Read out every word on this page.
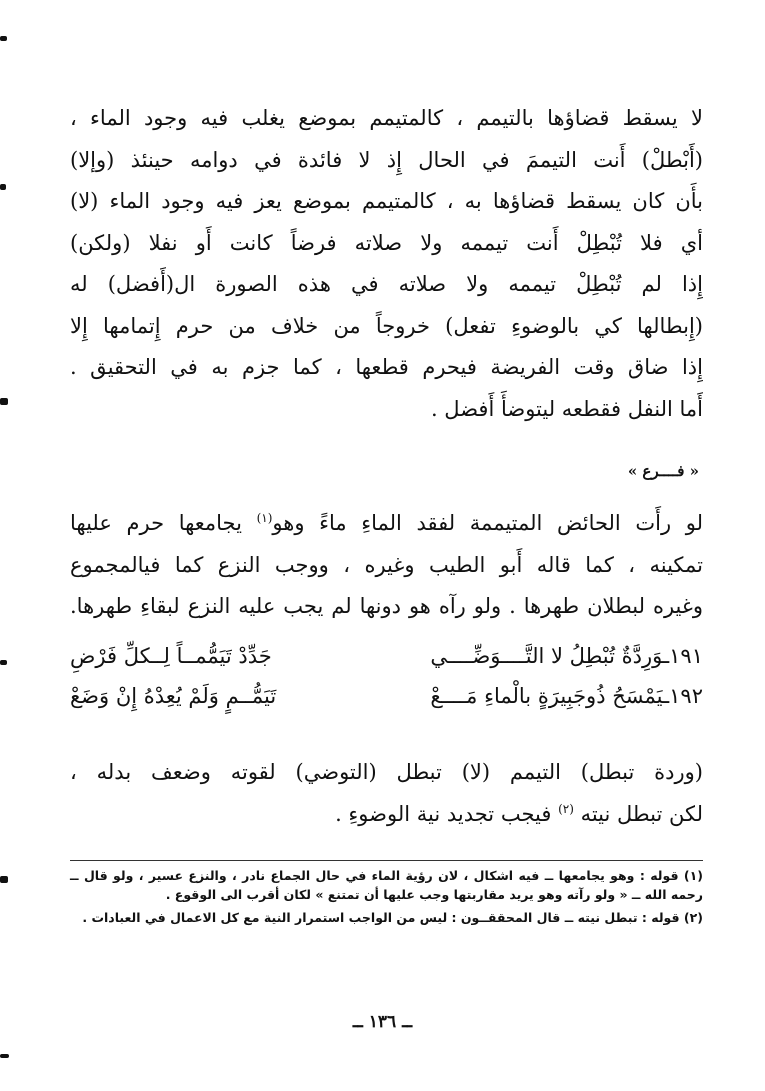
لا يسقط قضاؤها بالتيمم ، كالمتيمم بموضع يغلب فيه وجود الماء ،
(أَبْطلْ) أَنت التيممَ في الحال إِذ لا فائدة في دوامه حينئذ (وإلا)
بأَن كان يسقط قضاؤها به ، كالمتيمم بموضع يعز فيه وجود الماء (لا)
أي فلا تُبْطِلْ أَنت تيممه ولا صلاته فرضاً كانت أَو نفلا (ولكن)
إِذا لم تُبْطِلْ تيممه ولا صلاته في هذه الصورة ال(أَفضل) له
(إِبطالها كي بالوضوءِ تفعل) خروجاً من خلاف من حرم إِتمامها إِلا
إِذا ضاق وقت الفريضة فيحرم قطعها ، كما جزم به في التحقيق .
أَما النفل فقطعه ليتوضأَ أَفضل .
« فــــرع »
لو رأَت الحائض المتيممة لفقد الماءِ ماءً وهو$^{(١)}$ يجامعها حرم عليها
تمكينه ، كما قاله أَبو الطيب وغيره ، ووجب النزع كما فيالمجموع
وغيره لبطلان طهرها . ولو رآه هو دونها لم يجب عليه النزع لبقاءِ طهرها.
١٩١ـوَرِدَّةٌ تُبْطِلُ لا التَّــــوَضِّــــي
جَدِّدْ تَيَمُّمــاً لِــكلِّ فَرْضِ
١٩٢ـيَمْسَحُ ذُوجَبِيرَةٍ بالْماءِ مَــــعْ
تَيَمُّــمٍ وَلَمْ يُعِدْهُ إِنْ وَضَعْ
(وردة تبطل) التيمم (لا) تبطل (التوضي) لقوته وضعف بدله ،
لكن تبطل نيته $^{(٢)}$ فيجب تجديد نية الوضوءِ .

(١) قوله : وهو يجامعها ــ فيه اشكال ، لان رؤية الماء في حال الجماع نادر ، والنزع عسير ، ولو قال ــ رحمه الله ــ « ولو رآته وهو يريد مقاربتها وجب عليها أن تمتنع » لكان أقرب الى الوقوع .

(٢) قوله : تبطل نيته ــ قال المحققــون : ليس من الواجب استمرار النية مع كل الاعمال في العبادات .

ــ ١٣٦ ــ
